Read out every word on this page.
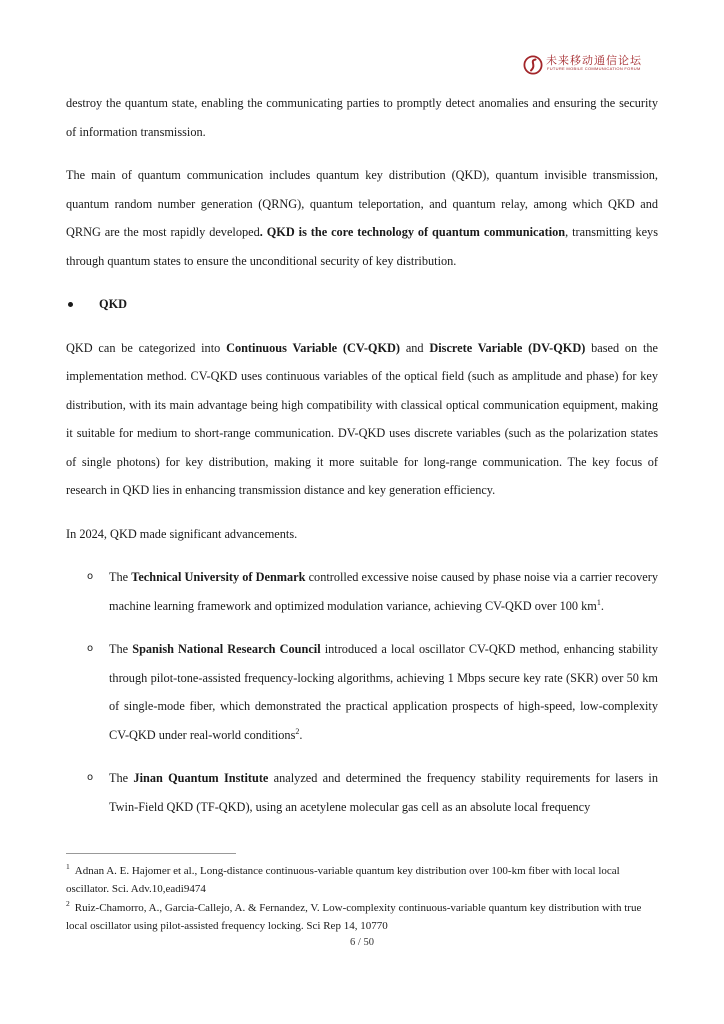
未来移动通信论坛
FUTURE MOBILE COMMUNICATION FORUM

destroy the quantum state, enabling the communicating parties to promptly detect anomalies and ensuring the security of information transmission.

The main of quantum communication includes quantum key distribution (QKD), quantum invisible transmission, quantum random number generation (QRNG), quantum teleportation, and quantum relay, among which QKD and QRNG are the most rapidly developed. QKD is the core technology of quantum communication, transmitting keys through quantum states to ensure the unconditional security of key distribution.

QKD

QKD can be categorized into Continuous Variable (CV-QKD) and Discrete Variable (DV-QKD) based on the implementation method. CV-QKD uses continuous variables of the optical field (such as amplitude and phase) for key distribution, with its main advantage being high compatibility with classical optical communication equipment, making it suitable for medium to short-range communication. DV-QKD uses discrete variables (such as the polarization states of single photons) for key distribution, making it more suitable for long-range communication. The key focus of research in QKD lies in enhancing transmission distance and key generation efficiency.

In 2024, QKD made significant advancements.

o The Technical University of Denmark controlled excessive noise caused by phase noise via a carrier recovery machine learning framework and optimized modulation variance, achieving CV-QKD over 100 $km^1$.
o The Spanish National Research Council introduced a local oscillator CV-QKD method, enhancing stability through pilot-tone-assisted frequency-locking algorithms, achieving 1 Mbps secure key rate (SKR) over 50 km of single-mode fiber, which demonstrated the practical application prospects of high-speed, low-complexity CV-QKD under real-world conditions$^2$.
o The Jinan Quantum Institute analyzed and determined the frequency stability requirements for lasers in Twin-Field QKD (TF-QKD), using an acetylene molecular gas cell as an absolute local frequency

$^1$ Adnan A. E. Hajomer et al., Long-distance continuous-variable quantum key distribution over 100-km fiber with local local oscillator. Sci. Adv.10,eadi9474

$^2$ Ruiz-Chamorro, A., Garcia-Callejo, A. & Fernandez, V. Low-complexity continuous-variable quantum key distribution with true local oscillator using pilot-assisted frequency locking. Sci Rep 14, 10770

6 / 50
